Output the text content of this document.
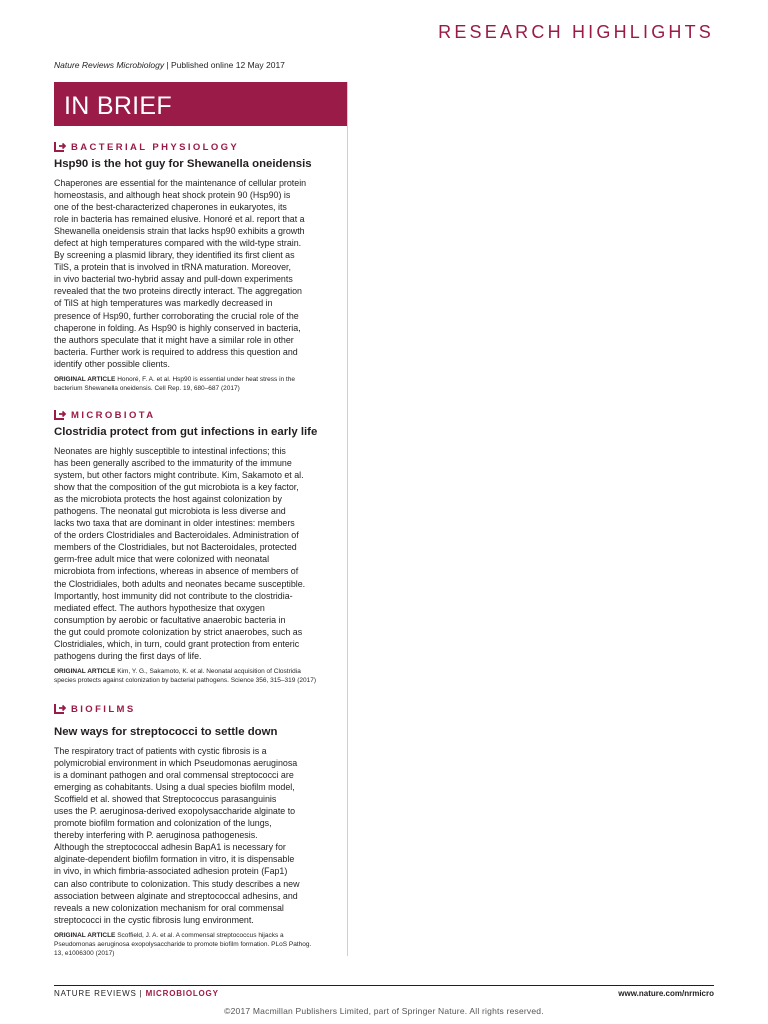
RESEARCH HIGHLIGHTS
Nature Reviews Microbiology | Published online 12 May 2017
IN BRIEF
BACTERIAL PHYSIOLOGY
Hsp90 is the hot guy for Shewanella oneidensis
Chaperones are essential for the maintenance of cellular protein
homeostasis, and although heat shock protein 90 (Hsp90) is
one of the best-characterized chaperones in eukaryotes, its
role in bacteria has remained elusive. Honoré et al. report that a
Shewanella oneidensis strain that lacks hsp90 exhibits a growth
defect at high temperatures compared with the wild-type strain.
By screening a plasmid library, they identified its first client as
TilS, a protein that is involved in tRNA maturation. Moreover,
in vivo bacterial two-hybrid assay and pull-down experiments
revealed that the two proteins directly interact. The aggregation
of TilS at high temperatures was markedly decreased in
presence of Hsp90, further corroborating the crucial role of the
chaperone in folding. As Hsp90 is highly conserved in bacteria,
the authors speculate that it might have a similar role in other
bacteria. Further work is required to address this question and
identify other possible clients.
ORIGINAL ARTICLE Honoré, F. A. et al. Hsp90 is essential under heat stress in the
bacterium Shewanella oneidensis. Cell Rep. 19, 680–687 (2017)
MICROBIOTA
Clostridia protect from gut infections in early life
Neonates are highly susceptible to intestinal infections; this
has been generally ascribed to the immaturity of the immune
system, but other factors might contribute. Kim, Sakamoto et al.
show that the composition of the gut microbiota is a key factor,
as the microbiota protects the host against colonization by
pathogens. The neonatal gut microbiota is less diverse and
lacks two taxa that are dominant in older intestines: members
of the orders Clostridiales and Bacteroidales. Administration of
members of the Clostridiales, but not Bacteroidales, protected
germ-free adult mice that were colonized with neonatal
microbiota from infections, whereas in absence of members of
the Clostridiales, both adults and neonates became susceptible.
Importantly, host immunity did not contribute to the clostridia-
mediated effect. The authors hypothesize that oxygen
consumption by aerobic or facultative anaerobic bacteria in
the gut could promote colonization by strict anaerobes, such as
Clostridiales, which, in turn, could grant protection from enteric
pathogens during the first days of life.
ORIGINAL ARTICLE Kim, Y. G., Sakamoto, K. et al. Neonatal acquisition of Clostridia
species protects against colonization by bacterial pathogens. Science 356, 315–319 (2017)
BIOFILMS
New ways for streptococci to settle down
The respiratory tract of patients with cystic fibrosis is a
polymicrobial environment in which Pseudomonas aeruginosa
is a dominant pathogen and oral commensal streptococci are
emerging as cohabitants. Using a dual species biofilm model,
Scoffield et al. showed that Streptococcus parasanguinis
uses the P. aeruginosa-derived exopolysaccharide alginate to
promote biofilm formation and colonization of the lungs,
thereby interfering with P. aeruginosa pathogenesis.
Although the streptococcal adhesin BapA1 is necessary for
alginate-dependent biofilm formation in vitro, it is dispensable
in vivo, in which fimbria-associated adhesion protein (Fap1)
can also contribute to colonization. This study describes a new
association between alginate and streptococcal adhesins, and
reveals a new colonization mechanism for oral commensal
streptococci in the cystic fibrosis lung environment.
ORIGINAL ARTICLE Scoffield, J. A. et al. A commensal streptococcus hijacks a
Pseudomonas aeruginosa exopolysaccharide to promote biofilm formation. PLoS Pathog.
13, e1006300 (2017)
NATURE REVIEWS | MICROBIOLOGY	www.nature.com/nrmicro
©2017 Macmillan Publishers Limited, part of Springer Nature. All rights reserved.
